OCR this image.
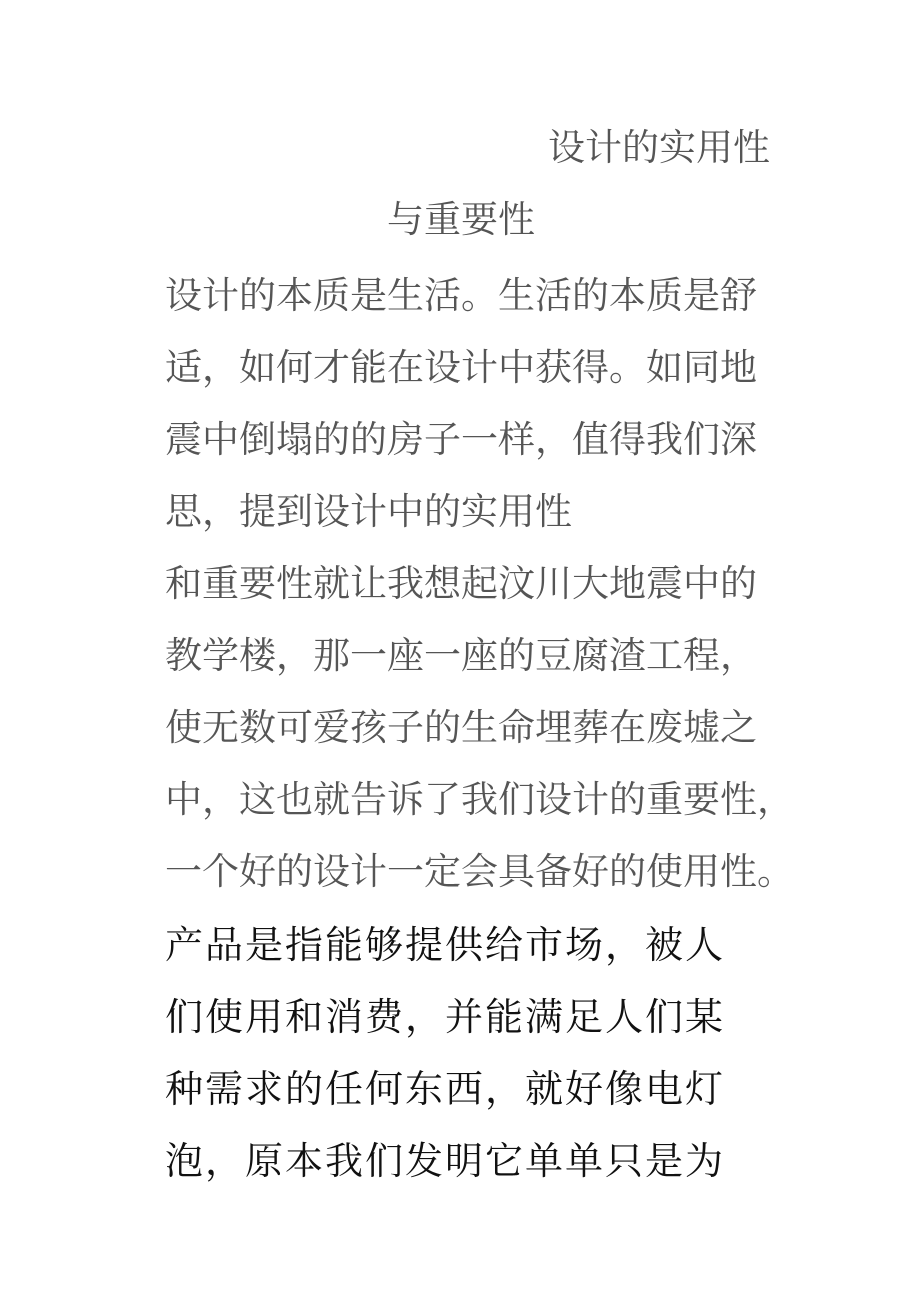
设计的实用性
与重要性
设计的本质是生活。生活的本质是舒
适，如何才能在设计中获得。如同地
震中倒塌的的房子一样，值得我们深
思，提到设计中的实用性
和重要性就让我想起汶川大地震中的
教学楼，那一座一座的豆腐渣工程，
使无数可爱孩子的生命埋葬在废墟之
中，这也就告诉了我们设计的重要性，
一个好的设计一定会具备好的使用性。
产品是指能够提供给市场，被人
们使用和消费，并能满足人们某
种需求的任何东西，就好像电灯
泡，原本我们发明它单单只是为
